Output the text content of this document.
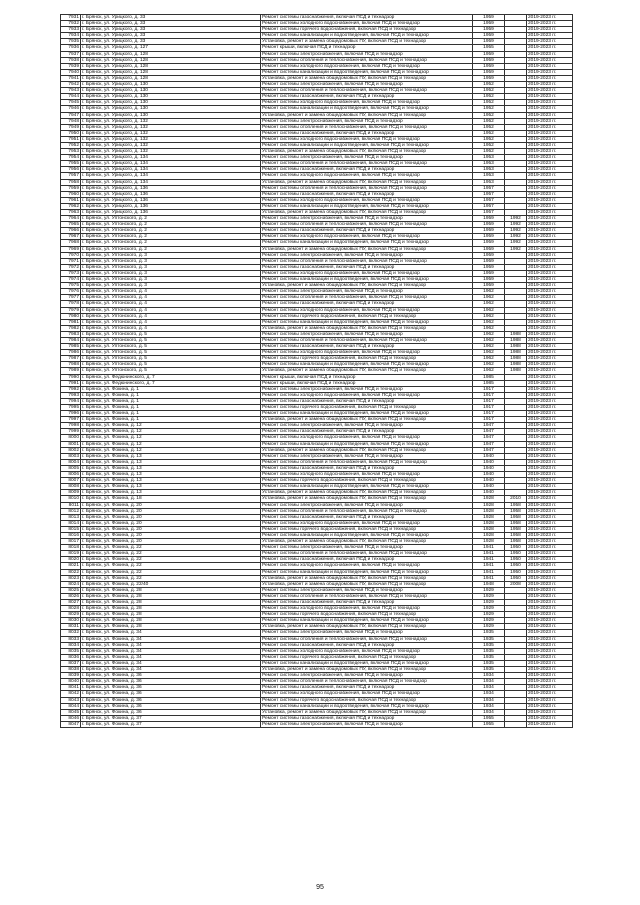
7931	г. Брянск, ул. Урицкого, д. 33	Ремонт системы газоснабжения, включая ПСД и технадзор	1959		2019-2023 гг.
7932	г. Брянск, ул. Урицкого, д. 33	Ремонт системы холодного водоснабжения, включая ПСД и технадзор	1959		2019-2023 гг.
7933	г. Брянск, ул. Урицкого, д. 33	Ремонт системы горячего водоснабжения, включая ПСД и технадзор	1959		2019-2023 гг.
7934	г. Брянск, ул. Урицкого, д. 33	Ремонт системы канализации и водоотведения, включая ПСД и технадзор	1959		2019-2023 гг.
7935	г. Брянск, ул. Урицкого, д. 33	Установка, ремонт и замена общедомовых ПУ, включая ПСД и технадзор	1959		2019-2023 гг.
7936	г. Брянск, ул. Урицкого, д. 127	Ремонт крыши, включая ПСД и технадзор	1955		2019-2023 гг.
7937	г. Брянск, ул. Урицкого, д. 128	Ремонт системы электроснабжения, включая ПСД и технадзор	1959		2019-2023 гг.
7938	г. Брянск, ул. Урицкого, д. 128	Ремонт системы отопления и теплоснабжения, включая ПСД и технадзор	1959		2019-2023 гг.
7939	г. Брянск, ул. Урицкого, д. 128	Ремонт системы холодного водоснабжения, включая ПСД и технадзор	1959		2019-2023 гг.
7940	г. Брянск, ул. Урицкого, д. 128	Ремонт системы канализации и водоотведения, включая ПСД и технадзор	1959		2019-2023 гг.
7941	г. Брянск, ул. Урицкого, д. 128	Установка, ремонт и замена общедомовых ПУ, включая ПСД и технадзор	1959		2019-2023 гг.
7942	г. Брянск, ул. Урицкого, д. 130	Ремонт системы электроснабжения, включая ПСД и технадзор	1952		2019-2023 гг.
7943	г. Брянск, ул. Урицкого, д. 130	Ремонт системы отопления и теплоснабжения, включая ПСД и технадзор	1952		2019-2023 гг.
7944	г. Брянск, ул. Урицкого, д. 130	Ремонт системы газоснабжения, включая ПСД и технадзор	1952		2019-2023 гг.
7945	г. Брянск, ул. Урицкого, д. 130	Ремонт системы холодного водоснабжения, включая ПСД и технадзор	1952		2019-2023 гг.
7946	г. Брянск, ул. Урицкого, д. 130	Ремонт системы канализации и водоотведения, включая ПСД и технадзор	1952		2019-2023 гг.
7947	г. Брянск, ул. Урицкого, д. 130	Установка, ремонт и замена общедомовых ПУ, включая ПСД и технадзор	1952		2019-2023 гг.
7948	г. Брянск, ул. Урицкого, д. 132	Ремонт системы электроснабжения, включая ПСД и технадзор	1952		2019-2023 гг.
7949	г. Брянск, ул. Урицкого, д. 132	Ремонт системы отопления и теплоснабжения, включая ПСД и технадзор	1952		2019-2023 гг.
7950	г. Брянск, ул. Урицкого, д. 132	Ремонт системы газоснабжения, включая ПСД и технадзор	1952		2019-2023 гг.
7951	г. Брянск, ул. Урицкого, д. 132	Ремонт системы холодного водоснабжения, включая ПСД и технадзор	1952		2019-2023 гг.
7952	г. Брянск, ул. Урицкого, д. 132	Ремонт системы канализации и водоотведения, включая ПСД и технадзор	1952		2019-2023 гг.
7953	г. Брянск, ул. Урицкого, д. 132	Установка, ремонт и замена общедомовых ПУ, включая ПСД и технадзор	1952		2019-2023 гг.
7954	г. Брянск, ул. Урицкого, д. 134	Ремонт системы электроснабжения, включая ПСД и технадзор	1953		2019-2023 гг.
7955	г. Брянск, ул. Урицкого, д. 134	Ремонт системы отопления и теплоснабжения, включая ПСД и технадзор	1953		2019-2023 гг.
7956	г. Брянск, ул. Урицкого, д. 134	Ремонт системы газоснабжения, включая ПСД и технадзор	1953		2019-2023 гг.
7957	г. Брянск, ул. Урицкого, д. 134	Ремонт системы холодного водоснабжения, включая ПСД и технадзор	1953		2019-2023 гг.
7958	г. Брянск, ул. Урицкого, д. 134	Установка, ремонт и замена общедомовых ПУ, включая ПСД и технадзор	1953		2019-2023 гг.
7959	г. Брянск, ул. Урицкого, д. 136	Ремонт системы отопления и теплоснабжения, включая ПСД и технадзор	1957		2019-2023 гг.
7960	г. Брянск, ул. Урицкого, д. 136	Ремонт системы газоснабжения, включая ПСД и технадзор	1957		2019-2023 гг.
7961	г. Брянск, ул. Урицкого, д. 136	Ремонт системы холодного водоснабжения, включая ПСД и технадзор	1957		2019-2023 гг.
7962	г. Брянск, ул. Урицкого, д. 136	Ремонт системы канализации и водоотведения, включая ПСД и технадзор	1957		2019-2023 гг.
7963	г. Брянск, ул. Урицкого, д. 136	Установка, ремонт и замена общедомовых ПУ, включая ПСД и технадзор	1957		2019-2023 гг.
7964	г. Брянск, ул. Уптонского, д. 2	Ремонт системы электроснабжения, включая ПСД и технадзор	1959	1992	2019-2023 гг.
7965	г. Брянск, ул. Уптонского, д. 2	Ремонт системы отопления и теплоснабжения, включая ПСД и технадзор	1959	1992	2019-2023 гг.
7966	г. Брянск, ул. Уптонского, д. 2	Ремонт системы газоснабжения, включая ПСД и технадзор	1959	1992	2019-2023 гг.
7967	г. Брянск, ул. Уптонского, д. 2	Ремонт системы холодного водоснабжения, включая ПСД и технадзор	1959	1992	2019-2023 гг.
7968	г. Брянск, ул. Уптонского, д. 2	Ремонт системы канализации и водоотведения, включая ПСД и технадзор	1959	1992	2019-2023 гг.
7969	г. Брянск, ул. Уптонского, д. 2	Установка, ремонт и замена общедомовых ПУ, включая ПСД и технадзор	1959	1992	2019-2023 гг.
7970	г. Брянск, ул. Уптонского, д. 3	Ремонт системы электроснабжения, включая ПСД и технадзор	1959		2019-2023 гг.
7971	г. Брянск, ул. Уптонского, д. 3	Ремонт системы отопления и теплоснабжения, включая ПСД и технадзор	1959		2019-2023 гг.
7972	г. Брянск, ул. Уптонского, д. 3	Ремонт системы газоснабжения, включая ПСД и технадзор	1959		2019-2023 гг.
7973	г. Брянск, ул. Уптонского, д. 3	Ремонт системы холодного водоснабжения, включая ПСД и технадзор	1959		2019-2023 гг.
7974	г. Брянск, ул. Уптонского, д. 3	Ремонт системы канализации и водоотведения, включая ПСД и технадзор	1959		2019-2023 гг.
7975	г. Брянск, ул. Уптонского, д. 3	Установка, ремонт и замена общедомовых ПУ, включая ПСД и технадзор	1959		2019-2023 гг.
7976	г. Брянск, ул. Уптонского, д. 4	Ремонт системы электроснабжения, включая ПСД и технадзор	1962		2019-2023 гг.
7977	г. Брянск, ул. Уптонского, д. 4	Ремонт системы отопления и теплоснабжения, включая ПСД и технадзор	1962		2019-2023 гг.
7978	г. Брянск, ул. Уптонского, д. 4	Ремонт системы газоснабжения, включая ПСД и технадзор	1962		2019-2023 гг.
7979	г. Брянск, ул. Уптонского, д. 4	Ремонт системы холодного водоснабжения, включая ПСД и технадзор	1962		2019-2023 гг.
7980	г. Брянск, ул. Уптонского, д. 4	Ремонт системы горячего водоснабжения, включая ПСД и технадзор	1962		2019-2023 гг.
7981	г. Брянск, ул. Уптонского, д. 4	Ремонт системы канализации и водоотведения, включая ПСД и технадзор	1962		2019-2023 гг.
7982	г. Брянск, ул. Уптонского, д. 4	Установка, ремонт и замена общедомовых ПУ, включая ПСД и технадзор	1962		2019-2023 гг.
7983	г. Брянск, ул. Уптонского, д. 5	Ремонт системы электроснабжения, включая ПСД и технадзор	1962	1988	2019-2023 гг.
7984	г. Брянск, ул. Уптонского, д. 5	Ремонт системы отопления и теплоснабжения, включая ПСД и технадзор	1962	1988	2019-2023 гг.
7985	г. Брянск, ул. Уптонского, д. 5	Ремонт системы газоснабжения, включая ПСД и технадзор	1962	1988	2019-2023 гг.
7986	г. Брянск, ул. Уптонского, д. 5	Ремонт системы холодного водоснабжения, включая ПСД и технадзор	1962	1988	2019-2023 гг.
7987	г. Брянск, ул. Уптонского, д. 5	Ремонт системы горячего водоснабжения, включая ПСД и технадзор	1962	1988	2019-2023 гг.
7988	г. Брянск, ул. Уптонского, д. 5	Ремонт системы канализации и водоотведения, включая ПСД и технадзор	1962	1988	2019-2023 гг.
7989	г. Брянск, ул. Уптонского, д. 5	Установка, ремонт и замена общедомовых ПУ, включая ПСД и технадзор	1962	1988	2019-2023 гг.
7990	г. Брянск, ул. Федюнинского, д. 7	Ремонт крыши, включая ПСД и технадзор	1985		2019-2023 гг.
7991	г. Брянск, ул. Федюнинского, д. 7	Ремонт крыши, включая ПСД и технадзор	1985		2019-2023 гг.
7992	г. Брянск, ул. Фокина, д. 1	Ремонт системы электроснабжения, включая ПСД и технадзор	1917		2019-2023 гг.
7993	г. Брянск, ул. Фокина, д. 1	Ремонт системы холодного водоснабжения, включая ПСД и технадзор	1917		2019-2023 гг.
7994	г. Брянск, ул. Фокина, д. 1	Ремонт системы газоснабжения, включая ПСД и технадзор	1917		2019-2023 гг.
7995	г. Брянск, ул. Фокина, д. 1	Ремонт системы горячего водоснабжения, включая ПСД и технадзор	1917		2019-2023 гг.
7996	г. Брянск, ул. Фокина, д. 1	Ремонт системы канализации и водоотведения, включая ПСД и технадзор	1917		2019-2023 гг.
7997	г. Брянск, ул. Фокина, д. 1	Установка, ремонт и замена общедомовых ПУ, включая ПСД и технадзор	1917		2019-2023 гг.
7998	г. Брянск, ул. Фокина, д. 12	Ремонт системы электроснабжения, включая ПСД и технадзор	1947		2019-2023 гг.
7999	г. Брянск, ул. Фокина, д. 12	Ремонт системы газоснабжения, включая ПСД и технадзор	1947		2019-2023 гг.
8000	г. Брянск, ул. Фокина, д. 12	Ремонт системы холодного водоснабжения, включая ПСД и технадзор	1947		2019-2023 гг.
8001	г. Брянск, ул. Фокина, д. 12	Ремонт системы канализации и водоотведения, включая ПСД и технадзор	1947		2019-2023 гг.
8002	г. Брянск, ул. Фокина, д. 12	Установка, ремонт и замена общедомовых ПУ, включая ПСД и технадзор	1947		2019-2023 гг.
8003	г. Брянск, ул. Фокина, д. 13	Ремонт системы электроснабжения, включая ПСД и технадзор	1940		2019-2023 гг.
8004	г. Брянск, ул. Фокина, д. 13	Ремонт системы отопления и теплоснабжения, включая ПСД и технадзор	1940		2019-2023 гг.
8005	г. Брянск, ул. Фокина, д. 13	Ремонт системы газоснабжения, включая ПСД и технадзор	1940		2019-2023 гг.
8006	г. Брянск, ул. Фокина, д. 13	Ремонт системы холодного водоснабжения, включая ПСД и технадзор	1940		2019-2023 гг.
8007	г. Брянск, ул. Фокина, д. 13	Ремонт системы горячего водоснабжения, включая ПСД и технадзор	1940		2019-2023 гг.
8008	г. Брянск, ул. Фокина, д. 13	Ремонт системы канализации и водоотведения, включая ПСД и технадзор	1940		2019-2023 гг.
8009	г. Брянск, ул. Фокина, д. 13	Установка, ремонт и замена общедомовых ПУ, включая ПСД и технадзор	1940		2019-2023 гг.
8010	г. Брянск, ул. Фокина, д. 18	Установка, ремонт и замена общедомовых ПУ, включая ПСД и технадзор	1928	2010	2019-2023 гг.
8011	г. Брянск, ул. Фокина, д. 20	Ремонт системы электроснабжения, включая ПСД и технадзор	1928	1958	2019-2023 гг.
8012	г. Брянск, ул. Фокина, д. 20	Ремонт системы отопления и теплоснабжения, включая ПСД и технадзор	1928	1958	2019-2023 гг.
8013	г. Брянск, ул. Фокина, д. 20	Ремонт системы газоснабжения, включая ПСД и технадзор	1928	1958	2019-2023 гг.
8014	г. Брянск, ул. Фокина, д. 20	Ремонт системы холодного водоснабжения, включая ПСД и технадзор	1928	1958	2019-2023 гг.
8015	г. Брянск, ул. Фокина, д. 20	Ремонт системы горячего водоснабжения, включая ПСД и технадзор	1928	1958	2019-2023 гг.
8016	г. Брянск, ул. Фокина, д. 20	Ремонт системы канализации и водоотведения, включая ПСД и технадзор	1928	1958	2019-2023 гг.
8017	г. Брянск, ул. Фокина, д. 20	Установка, ремонт и замена общедомовых ПУ, включая ПСД и технадзор	1928	1958	2019-2023 гг.
8018	г. Брянск, ул. Фокина, д. 22	Ремонт системы электроснабжения, включая ПСД и технадзор	1941	1950	2019-2023 гг.
8019	г. Брянск, ул. Фокина, д. 22	Ремонт системы отопления и теплоснабжения, включая ПСД и технадзор	1941	1950	2019-2023 гг.
8020	г. Брянск, ул. Фокина, д. 22	Ремонт системы газоснабжения, включая ПСД и технадзор	1941	1950	2019-2023 гг.
8021	г. Брянск, ул. Фокина, д. 22	Ремонт системы холодного водоснабжения, включая ПСД и технадзор	1941	1950	2019-2023 гг.
8022	г. Брянск, ул. Фокина, д. 22	Ремонт системы канализации и водоотведения, включая ПСД и технадзор	1941	1950	2019-2023 гг.
8023	г. Брянск, ул. Фокина, д. 22	Установка, ремонт и замена общедомовых ПУ, включая ПСД и технадзор	1941	1950	2019-2023 гг.
8024	г. Брянск, ул. Фокина, д. 22/40	Установка, ремонт и замена общедомовых ПУ, включая ПСД и технадзор	1948	2008	2019-2023 гг.
8025	г. Брянск, ул. Фокина, д. 28	Ремонт системы электроснабжения, включая ПСД и технадзор	1929		2019-2023 гг.
8026	г. Брянск, ул. Фокина, д. 28	Ремонт системы отопления и теплоснабжения, включая ПСД и технадзор	1929		2019-2023 гг.
8027	г. Брянск, ул. Фокина, д. 28	Ремонт системы газоснабжения, включая ПСД и технадзор	1929		2019-2023 гг.
8028	г. Брянск, ул. Фокина, д. 28	Ремонт системы холодного водоснабжения, включая ПСД и технадзор	1929		2019-2023 гг.
8029	г. Брянск, ул. Фокина, д. 28	Ремонт системы горячего водоснабжения, включая ПСД и технадзор	1929		2019-2023 гг.
8030	г. Брянск, ул. Фокина, д. 28	Ремонт системы канализации и водоотведения, включая ПСД и технадзор	1929		2019-2023 гг.
8031	г. Брянск, ул. Фокина, д. 28	Установка, ремонт и замена общедомовых ПУ, включая ПСД и технадзор	1929		2019-2023 гг.
8032	г. Брянск, ул. Фокина, д. 34	Ремонт системы электроснабжения, включая ПСД и технадзор	1935		2019-2023 гг.
8033	г. Брянск, ул. Фокина, д. 34	Ремонт системы отопления и теплоснабжения, включая ПСД и технадзор	1935		2019-2023 гг.
8034	г. Брянск, ул. Фокина, д. 34	Ремонт системы газоснабжения, включая ПСД и технадзор	1935		2019-2023 гг.
8035	г. Брянск, ул. Фокина, д. 34	Ремонт системы холодного водоснабжения, включая ПСД и технадзор	1935		2019-2023 гг.
8036	г. Брянск, ул. Фокина, д. 34	Ремонт системы горячего водоснабжения, включая ПСД и технадзор	1935		2019-2023 гг.
8037	г. Брянск, ул. Фокина, д. 34	Ремонт системы канализации и водоотведения, включая ПСД и технадзор	1935		2019-2023 гг.
8038	г. Брянск, ул. Фокина, д. 34	Установка, ремонт и замена общедомовых ПУ, включая ПСД и технадзор	1935		2019-2023 гг.
8039	г. Брянск, ул. Фокина, д. 36	Ремонт системы электроснабжения, включая ПСД и технадзор	1934		2019-2023 гг.
8040	г. Брянск, ул. Фокина, д. 36	Ремонт системы отопления и теплоснабжения, включая ПСД и технадзор	1934		2019-2023 гг.
8041	г. Брянск, ул. Фокина, д. 36	Ремонт системы газоснабжения, включая ПСД и технадзор	1934		2019-2023 гг.
8042	г. Брянск, ул. Фокина, д. 36	Ремонт системы холодного водоснабжения, включая ПСД и технадзор	1934		2019-2023 гг.
8043	г. Брянск, ул. Фокина, д. 36	Ремонт системы горячего водоснабжения, включая ПСД и технадзор	1934		2019-2023 гг.
8044	г. Брянск, ул. Фокина, д. 36	Ремонт системы канализации и водоотведения, включая ПСД и технадзор	1934		2019-2023 гг.
8045	г. Брянск, ул. Фокина, д. 36	Установка, ремонт и замена общедомовых ПУ, включая ПСД и технадзор	1934		2019-2023 гг.
8046	г. Брянск, ул. Фокина, д. 37	Ремонт системы газоснабжения, включая ПСД и технадзор	1955		2019-2023 гг.
8047	г. Брянск, ул. Фокина, д. 37	Ремонт системы электроснабжения, включая ПСД и технадзор	1955		2019-2023 гг.
95
